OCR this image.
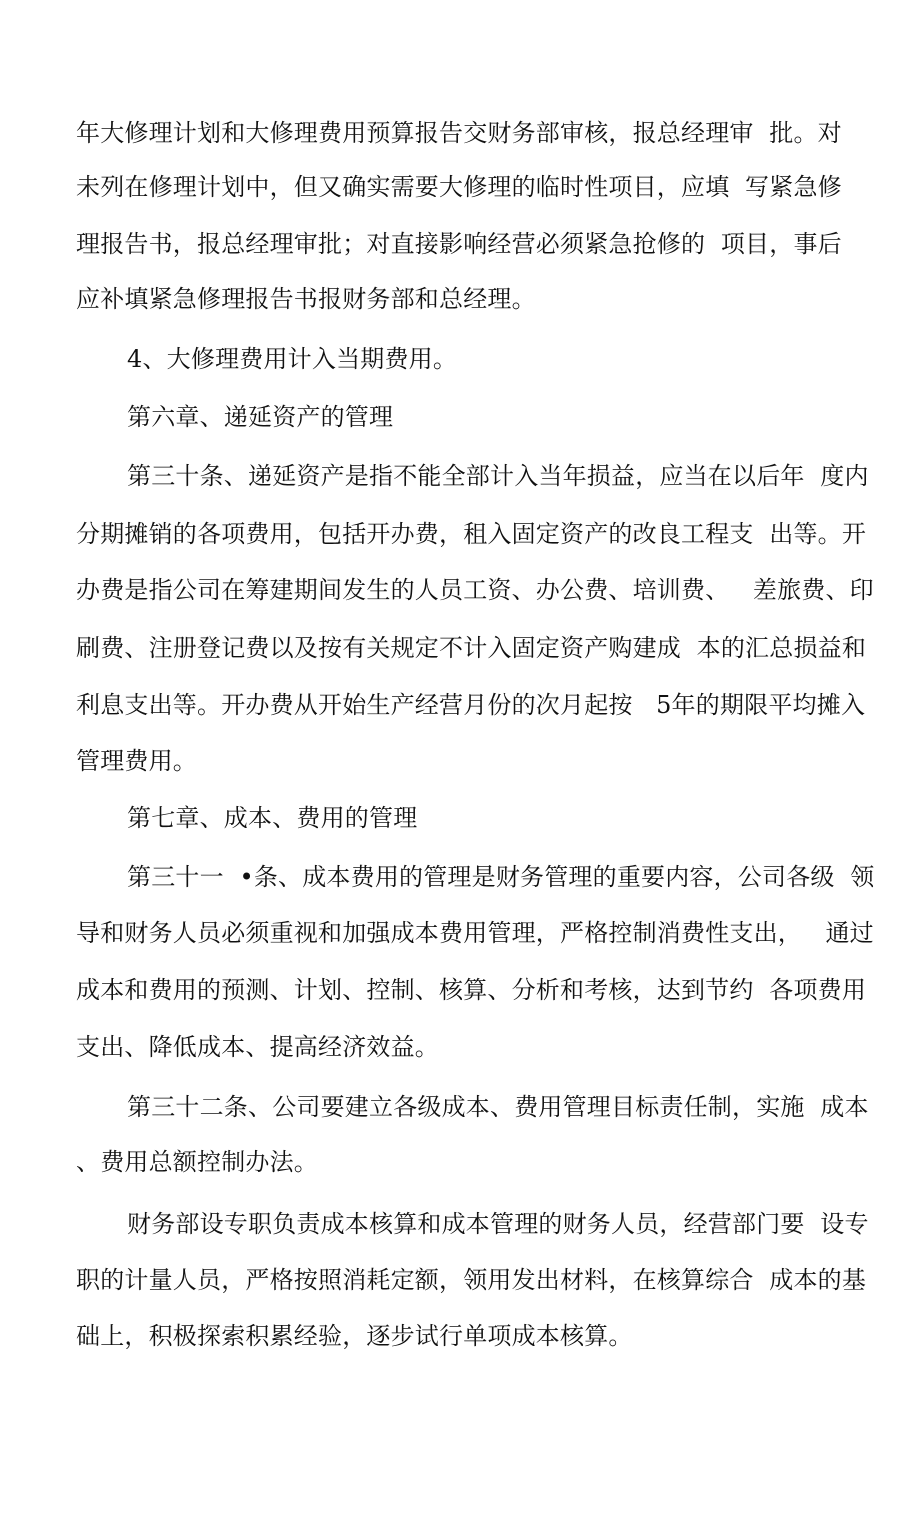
年大修理计划和大修理费用预算报告交财务部审核，报总经理审  批。对
未列在修理计划中，但又确实需要大修理的临时性项目，应填  写紧急修
理报告书，报总经理审批；对直接影响经营必须紧急抢修的  项目，事后
应补填紧急修理报告书报财务部和总经理。
4、大修理费用计入当期费用。
第六章、递延资产的管理
第三十条、递延资产是指不能全部计入当年损益，应当在以后年  度内
分期摊销的各项费用，包括开办费，租入固定资产的改良工程支  出等。开
办费是指公司在筹建期间发生的人员工资、办公费、培训费、   差旅费、印
刷费、注册登记费以及按有关规定不计入固定资产购建成  本的汇总损益和
利息支出等。开办费从开始生产经营月份的次月起按   5年的期限平均摊入
管理费用。
第七章、成本、费用的管理
第三十一  •条、成本费用的管理是财务管理的重要内容，公司各级  领
导和财务人员必须重视和加强成本费用管理，严格控制消费性支出，   通过
成本和费用的预测、计划、控制、核算、分析和考核，达到节约  各项费用
支出、降低成本、提高经济效益。
第三十二条、公司要建立各级成本、费用管理目标责任制，实施  成本
、费用总额控制办法。
财务部设专职负责成本核算和成本管理的财务人员，经营部门要  设专
职的计量人员，严格按照消耗定额，领用发出材料，在核算综合  成本的基
础上，积极探索积累经验，逐步试行单项成本核算。
